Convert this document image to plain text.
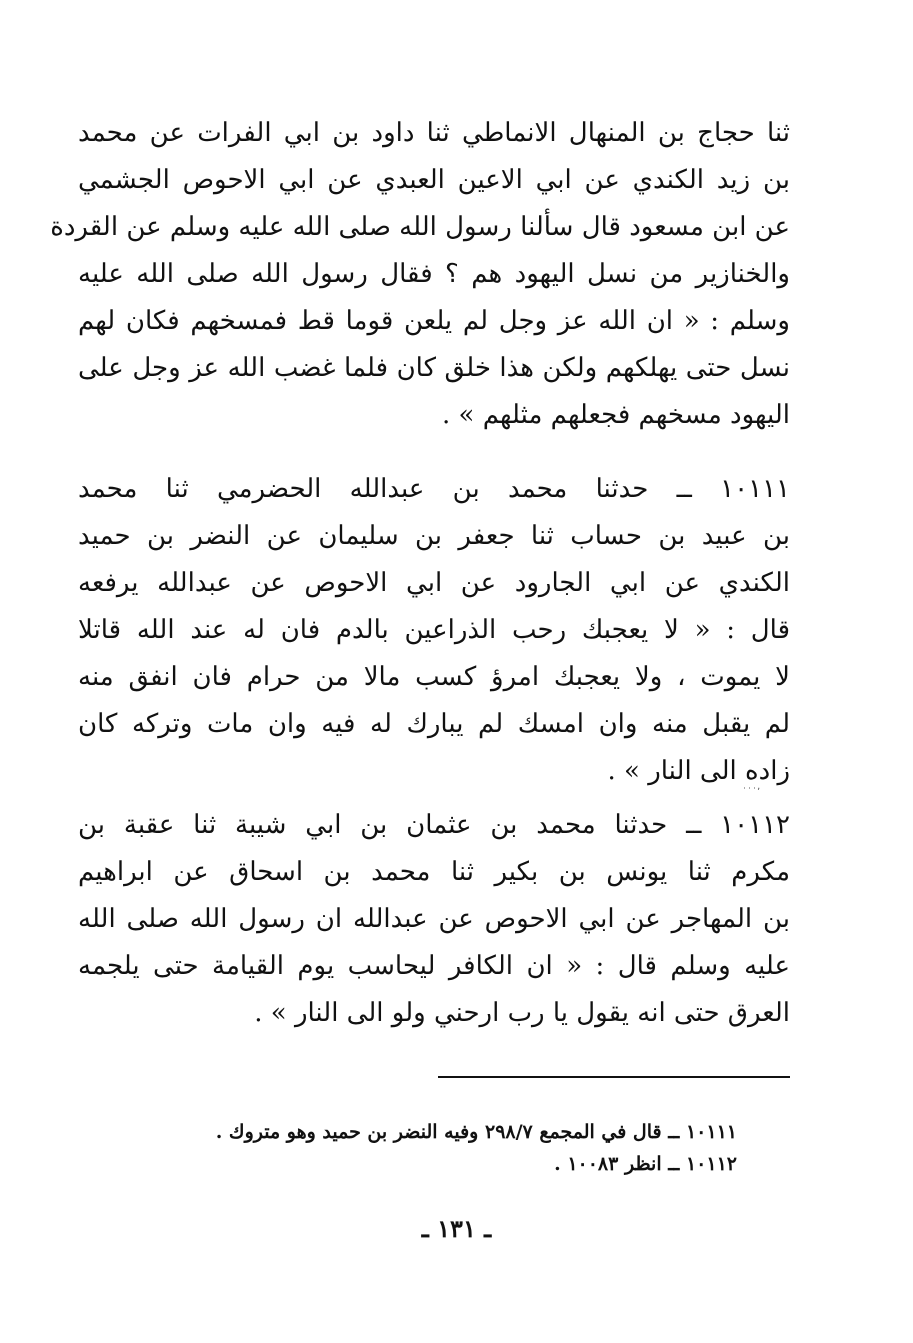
ثنا حجاج بن المنهال الانماطي ثنا داود بن ابي الفرات عن محمد
بن زيد الكندي عن ابي الاعين العبدي عن ابي الاحوص الجشمي
عن ابن مسعود قال سألنا رسول الله صلى الله عليه وسلم عن القردة
والخنازير من نسل اليهود هم ؟ فقال رسول الله صلى الله عليه
وسلم : « ان الله عز وجل لم يلعن قوما قط فمسخهم فكان لهم
نسل حتى يهلكهم ولكن هذا خلق كان فلما غضب الله عز وجل على
اليهود مسخهم فجعلهم مثلهم » .
١٠١١١ ــ حدثنا محمد بن عبدالله الحضرمي ثنا محمد
بن عبيد بن حساب ثنا جعفر بن سليمان عن النضر بن حميد
الكندي عن ابي الجارود عن ابي الاحوص عن عبدالله يرفعه
قال : « لا يعجبك رحب الذراعين بالدم فان له عند الله قاتلا
لا يموت ، ولا يعجبك امرؤ كسب مالا من حرام فان انفق منه
لم يقبل منه وان امسك لم يبارك له فيه وان مات وتركه كان
زاده الى النار » .
˙˙˙ʼ
١٠١١٢ ــ حدثنا محمد بن عثمان بن ابي شيبة ثنا عقبة بن
مكرم ثنا يونس بن بكير ثنا محمد بن اسحاق عن ابراهيم
بن المهاجر عن ابي الاحوص عن عبدالله ان رسول الله صلى الله
عليه وسلم قال : « ان الكافر ليحاسب يوم القيامة حتى يلجمه
العرق حتى انه يقول يا رب ارحني ولو الى النار » .
١٠١١١ ــ قال في المجمع ٢٩٨/٧ وفيه النضر بن حميد وهو متروك .
١٠١١٢ ــ انظر ١٠٠٨٣ .
ـ ١٣١ ـ
